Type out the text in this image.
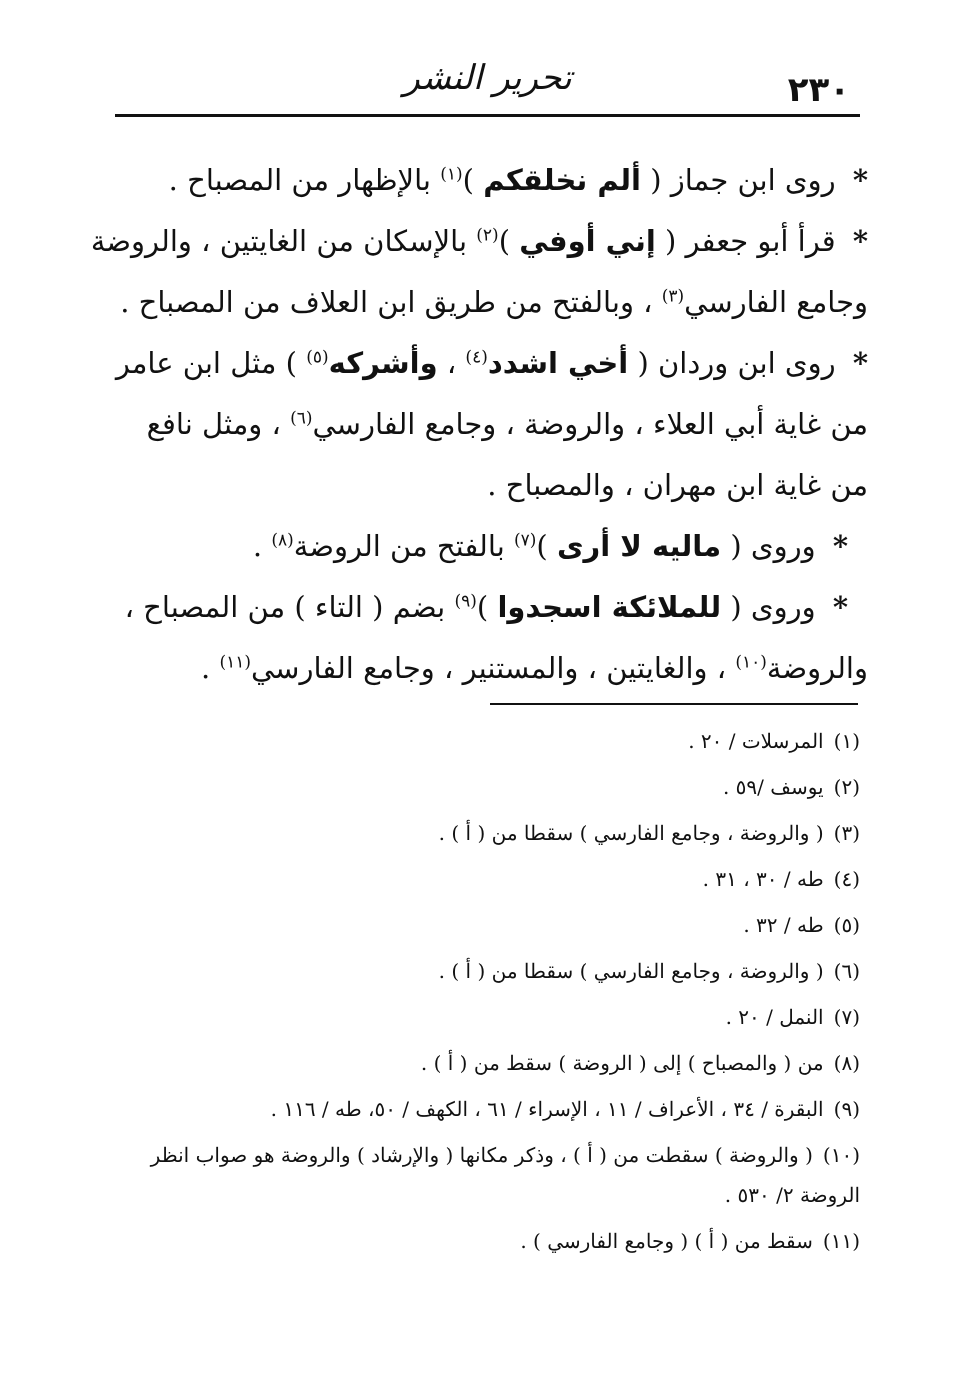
٢٣٠
تحرير النشر

* روى ابن جماز ( ألم نخلقكم )$^{(١)}$ بالإظهار من المصباح .

* قرأ أبو جعفر ( إني أوفي )$^{(٢)}$ بالإسكان من الغايتين ، والروضة
وجامع الفارسي$^{(٣)}$ ، وبالفتح من طريق ابن العلاف من المصباح .

* روى ابن وردان ( أخي اشدد$^{(٤)}$ ، وأشركه$^{(٥)}$ ) مثل ابن عامر
من غاية أبي العلاء ، والروضة ، وجامع الفارسي$^{(٦)}$ ، ومثل نافع
من غاية ابن مهران ، والمصباح .

* وروى ( ماليه لا أرى )$^{(٧)}$ بالفتح من الروضة$^{(٨)}$ .

* وروى ( للملائكة اسجدوا )$^{(٩)}$ بضم ( التاء ) من المصباح ،
والروضة$^{(١٠)}$ ، والغايتين ، والمستنير ، وجامع الفارسي$^{(١١)}$ .

(١)المرسلات / ٢٠ .

(٢)يوسف /٥٩ .

(٣)( والروضة ، وجامع الفارسي ) سقطا من ( أ ) .

(٤)طه / ٣٠ ، ٣١ .

(٥)طه / ٣٢ .

(٦)( والروضة ، وجامع الفارسي ) سقطا من ( أ ) .

(٧)النمل / ٢٠ .

(٨)من ( والمصباح ) إلى ( الروضة ) سقط من ( أ ) .

(٩)البقرة / ٣٤ ، الأعراف / ١١ ، الإسراء / ٦١ ، الكهف / ٥٠، طه / ١١٦ .

(١٠)( والروضة ) سقطت من ( أ ) ، وذكر مكانها ( والإرشاد ) والروضة هو صواب انظر الروضة ٢/ ٥٣٠ .

(١١)سقط من ( أ ) ( وجامع الفارسي ) .
